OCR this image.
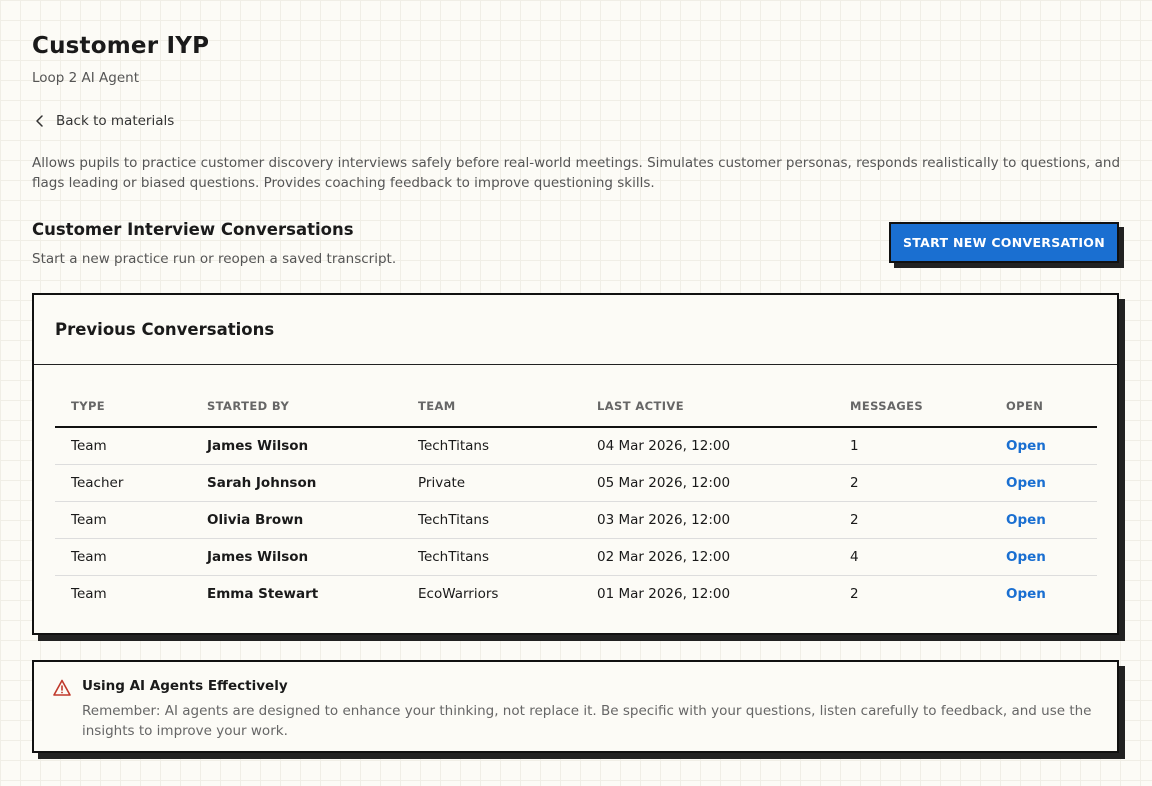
Customer IYP
Loop 2 AI Agent
Back to materials

Allows pupils to practice customer discovery interviews safely before real-world meetings. Simulates customer personas, responds realistically to questions, and flags leading or biased questions. Provides coaching feedback to improve questioning skills.

Customer Interview Conversations
Start a new practice run or reopen a saved transcript.
START NEW CONVERSATION
Previous Conversations
TYPE	STARTED BY	TEAM	LAST ACTIVE	MESSAGES	OPEN
Team	James Wilson	TechTitans	04 Mar 2026, 12:00	1	Open
Teacher	Sarah Johnson	Private	05 Mar 2026, 12:00	2	Open
Team	Olivia Brown	TechTitans	03 Mar 2026, 12:00	2	Open
Team	James Wilson	TechTitans	02 Mar 2026, 12:00	4	Open
Team	Emma Stewart	EcoWarriors	01 Mar 2026, 12:00	2	Open
Using AI Agents Effectively

Remember: AI agents are designed to enhance your thinking, not replace it. Be specific with your questions, listen carefully to feedback, and use the insights to improve your work.
